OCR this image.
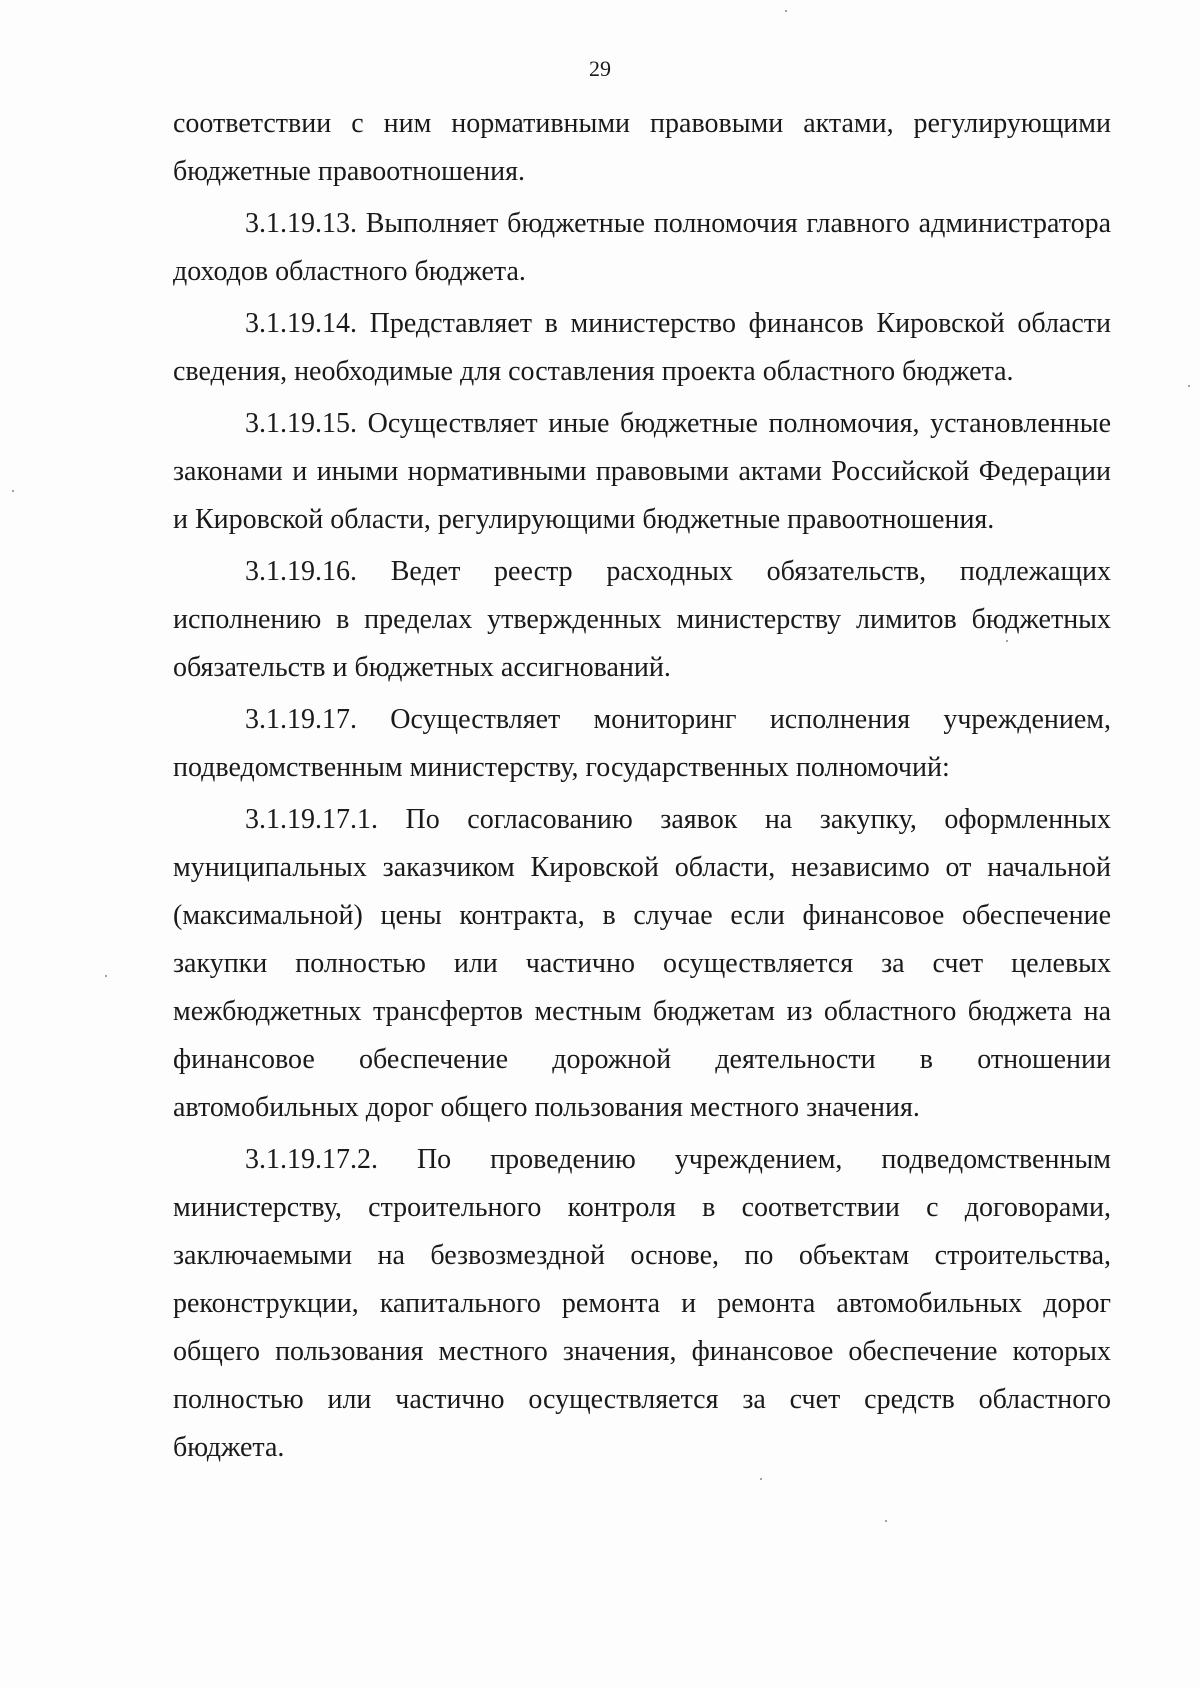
29

соответствии с ним нормативными правовыми актами, регулирующими бюджетные правоотношения.

3.1.19.13. Выполняет бюджетные полномочия главного администратора доходов областного бюджета.

3.1.19.14. Представляет в министерство финансов Кировской области сведения, необходимые для составления проекта областного бюджета.

3.1.19.15. Осуществляет иные бюджетные полномочия, установленные законами и иными нормативными правовыми актами Российской Федерации и Кировской области, регулирующими бюджетные правоотношения.

3.1.19.16. Ведет реестр расходных обязательств, подлежащих исполнению в пределах утвержденных министерству лимитов бюджетных обязательств и бюджетных ассигнований.

3.1.19.17. Осуществляет мониторинг исполнения учреждением, подведомственным министерству, государственных полномочий:

3.1.19.17.1. По согласованию заявок на закупку, оформленных муниципальных заказчиком Кировской области, независимо от начальной (максимальной) цены контракта, в случае если финансовое обеспечение закупки полностью или частично осуществляется за счет целевых межбюджетных трансфертов местным бюджетам из областного бюджета на финансовое обеспечение дорожной деятельности в отношении автомобильных дорог общего пользования местного значения.

3.1.19.17.2. По проведению учреждением, подведомственным министерству, строительного контроля в соответствии с договорами, заключаемыми на безвозмездной основе, по объектам строительства, реконструкции, капитального ремонта и ремонта автомобильных дорог общего пользования местного значения, финансовое обеспечение которых полностью или частично осуществляется за счет средств областного бюджета.
